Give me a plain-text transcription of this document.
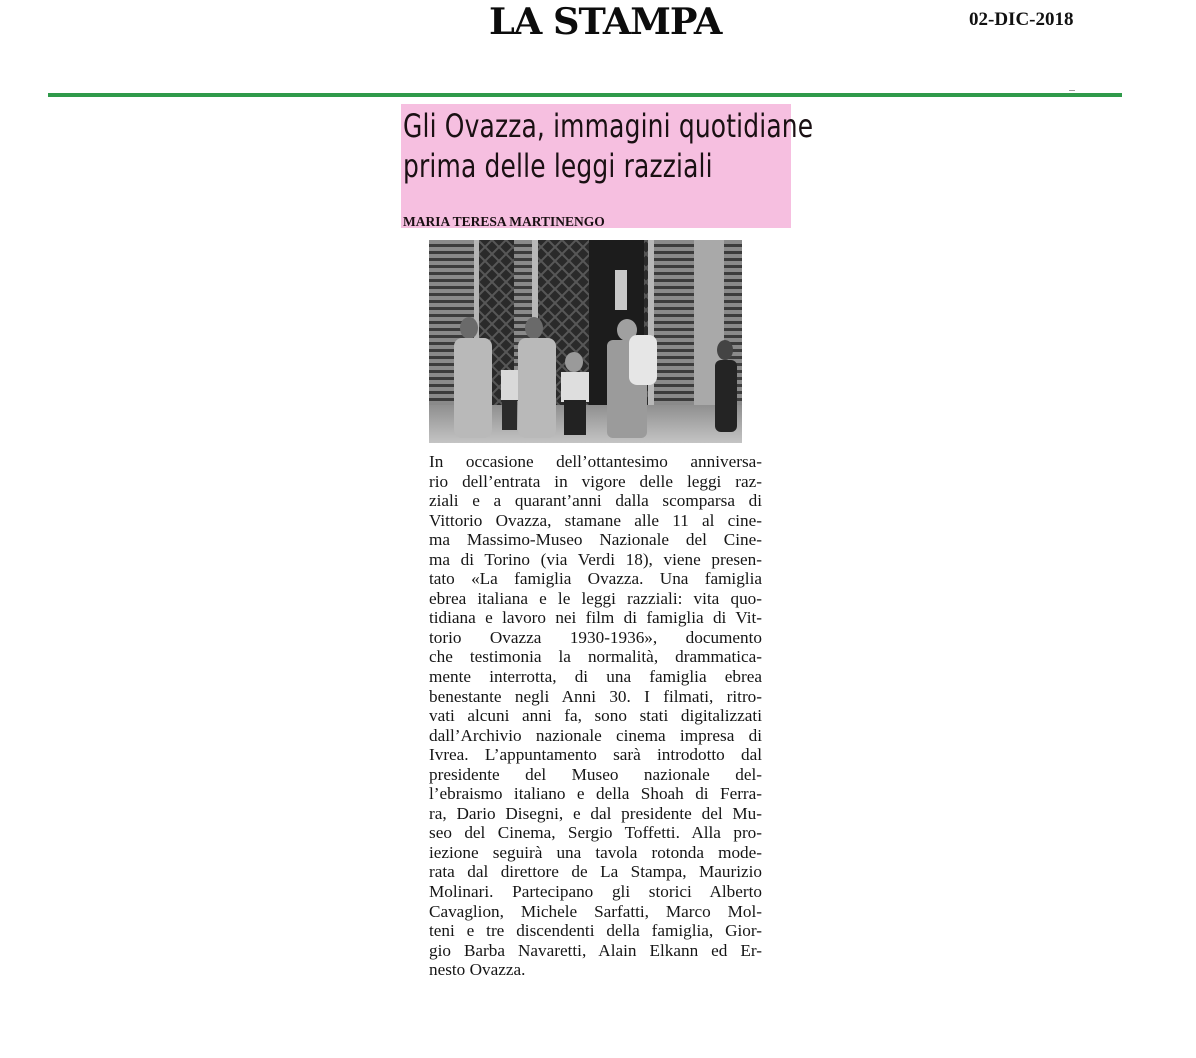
LA STAMPA	02-DIC-2018
Gli Ovazza, immagini quotidiane
prima delle leggi razziali
MARIA TERESA MARTINENGO
In occasione dell’ottantesimo anniversa-
rio dell’entrata in vigore delle leggi raz-
ziali e a quarant’anni dalla scomparsa di
Vittorio Ovazza, stamane alle 11 al cine-
ma Massimo-Museo Nazionale del Cine-
ma di Torino (via Verdi 18), viene presen-
tato «La famiglia Ovazza. Una famiglia
ebrea italiana e le leggi razziali: vita quo-
tidiana e lavoro nei film di famiglia di Vit-
torio Ovazza 1930-1936», documento
che testimonia la normalità, drammatica-
mente interrotta, di una famiglia ebrea
benestante negli Anni 30. I filmati, ritro-
vati alcuni anni fa, sono stati digitalizzati
dall’Archivio nazionale cinema impresa di
Ivrea. L’appuntamento sarà introdotto dal
presidente del Museo nazionale del-
l’ebraismo italiano e della Shoah di Ferra-
ra, Dario Disegni, e dal presidente del Mu-
seo del Cinema, Sergio Toffetti. Alla pro-
iezione seguirà una tavola rotonda mode-
rata dal direttore de La Stampa, Maurizio
Molinari. Partecipano gli storici Alberto
Cavaglion, Michele Sarfatti, Marco Mol-
teni e tre discendenti della famiglia, Gior-
gio Barba Navaretti, Alain Elkann ed Er-
nesto Ovazza.
